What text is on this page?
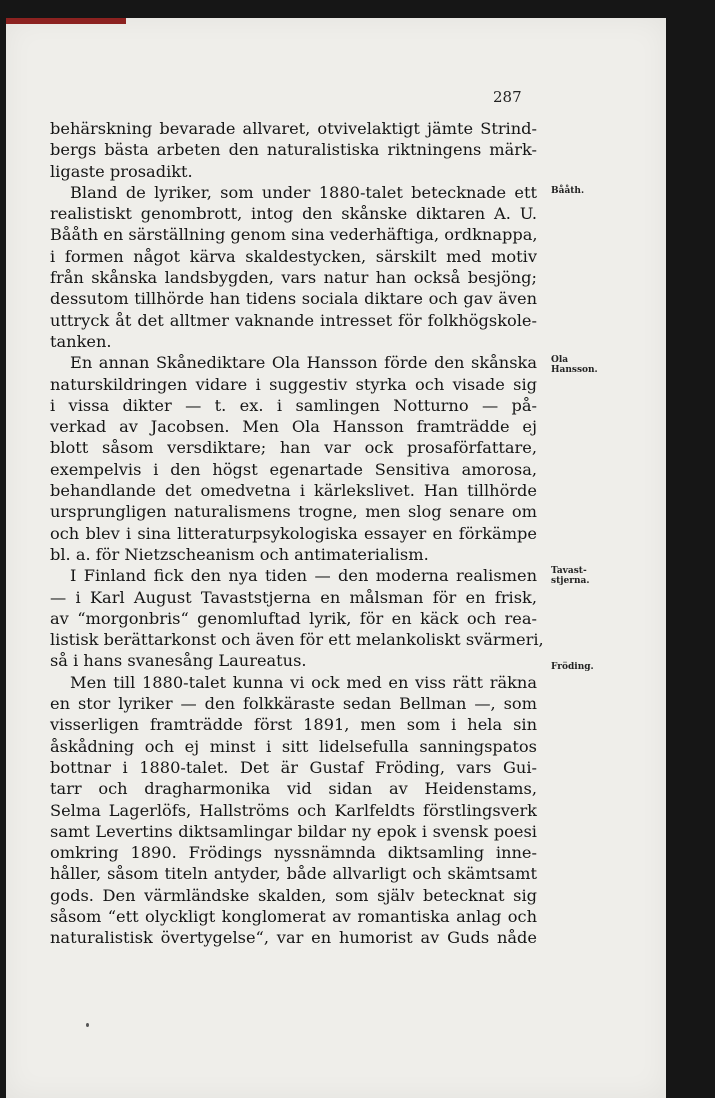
287
behärskning bevarade allvaret, otvivelaktigt jämte Strind-
bergs bästa arbeten den naturalistiska riktningens märk-
ligaste prosadikt.
Bland de lyriker, som under 1880-talet betecknade ett
realistiskt genombrott, intog den skånske diktaren A. U.
Bååth en särställning genom sina vederhäftiga, ordknappa,
i formen något kärva skaldestycken, särskilt med motiv
från skånska landsbygden, vars natur han också besjöng;
dessutom tillhörde han tidens sociala diktare och gav även
uttryck åt det alltmer vaknande intresset för folkhögskole-
tanken.
En annan Skånediktare Ola Hansson förde den skånska
naturskildringen vidare i suggestiv styrka och visade sig
i vissa dikter — t. ex. i samlingen Notturno — på-
verkad av Jacobsen. Men Ola Hansson framträdde ej
blott såsom versdiktare; han var ock prosaförfattare,
exempelvis i den högst egenartade Sensitiva amorosa,
behandlande det omedvetna i kärlekslivet. Han tillhörde
ursprungligen naturalismens trogne, men slog senare om
och blev i sina litteraturpsykologiska essayer en förkämpe
bl. a. för Nietzscheanism och antimaterialism.
I Finland fick den nya tiden — den moderna realismen
— i Karl August Tavaststjerna en målsman för en frisk,
av “morgonbris“ genomluftad lyrik, för en käck och rea-
listisk berättarkonst och även för ett melankoliskt svärmeri,
så i hans svanesång Laureatus.
Men till 1880-talet kunna vi ock med en viss rätt räkna
en stor lyriker — den folkkäraste sedan Bellman —, som
visserligen framträdde först 1891, men som i hela sin
åskådning och ej minst i sitt lidelsefulla sanningspatos
bottnar i 1880-talet. Det är Gustaf Fröding, vars Gui-
tarr och dragharmonika vid sidan av Heidenstams,
Selma Lagerlöfs, Hallströms och Karlfeldts förstlingsverk
samt Levertins diktsamlingar bildar ny epok i svensk poesi
omkring 1890. Frödings nyssnämnda diktsamling inne-
håller, såsom titeln antyder, både allvarligt och skämtsamt
gods. Den värmländske skalden, som själv betecknat sig
såsom “ett olyckligt konglomerat av romantiska anlag och
naturalistisk övertygelse“, var en humorist av Guds nåde
Bååth.
Ola Hansson.
Tavast-stjerna.
Fröding.
